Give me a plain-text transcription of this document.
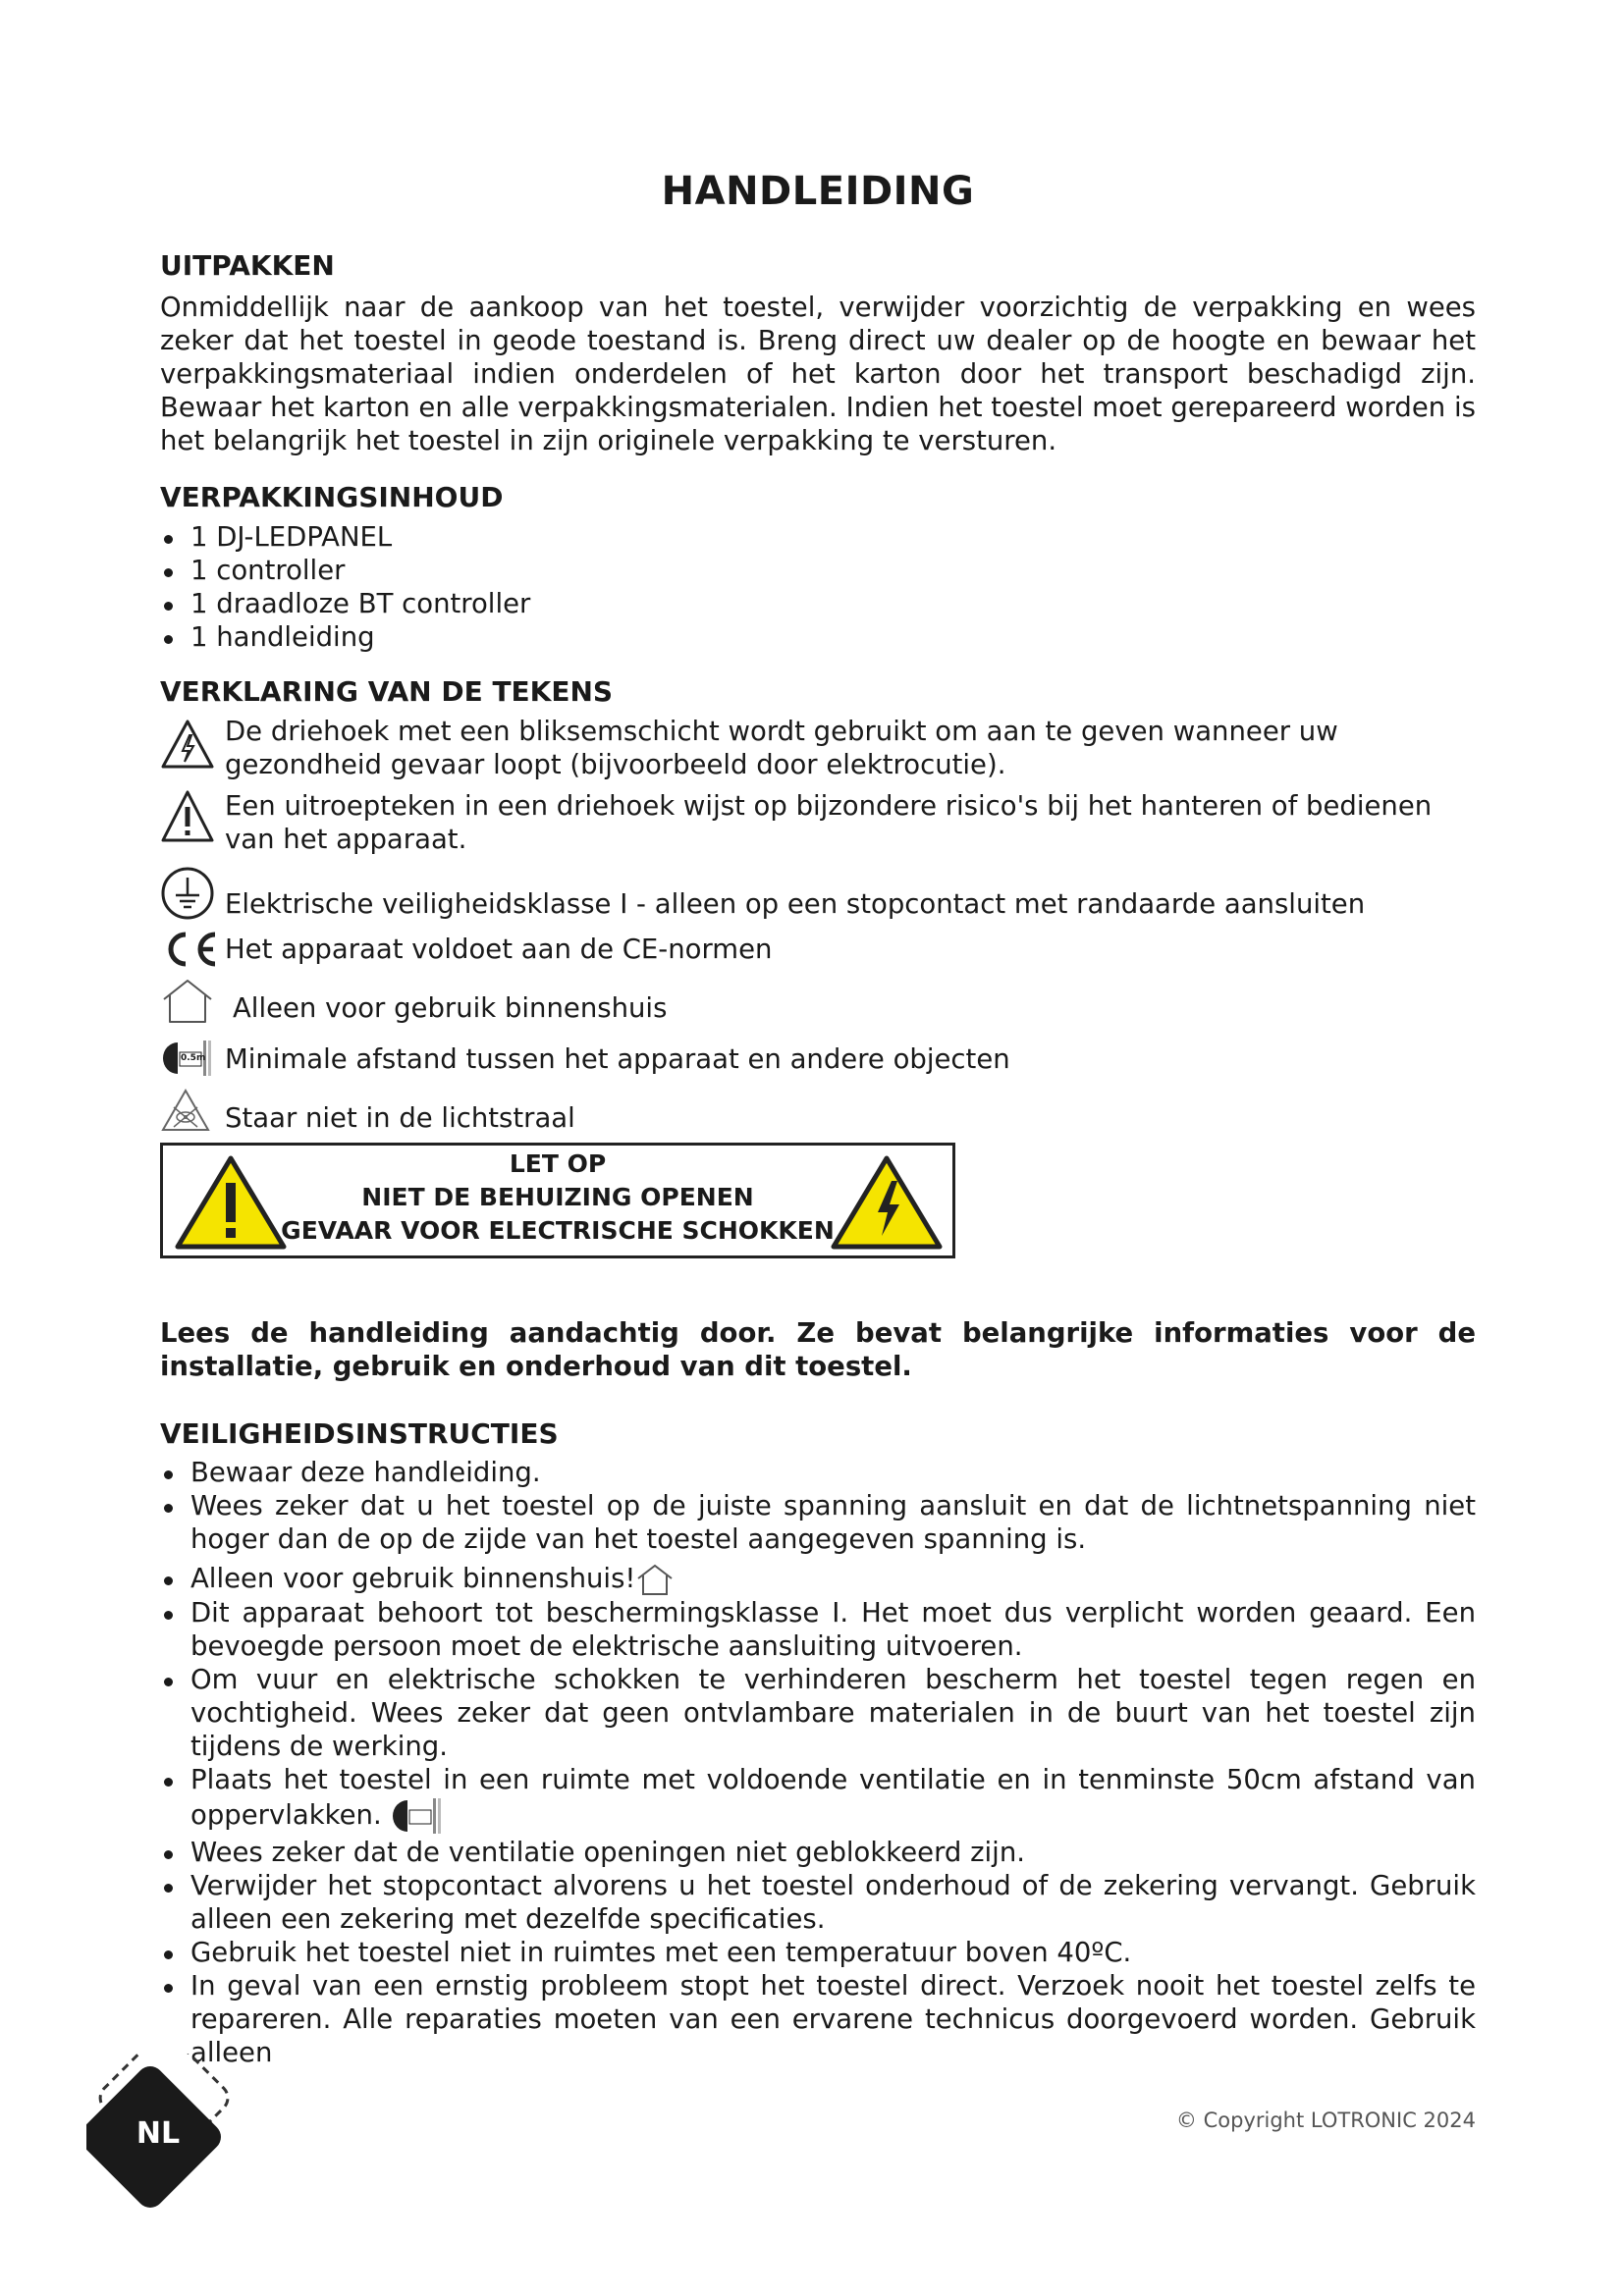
HANDLEIDING
UITPAKKEN

Onmiddellijk naar de aankoop van het toestel, verwijder voorzichtig de verpakking en wees zeker dat het toestel in geode toestand is. Breng direct uw dealer op de hoogte en bewaar het verpakkingsmateriaal indien onderdelen of het karton door het transport beschadigd zijn. Bewaar het karton en alle verpakkingsmaterialen. Indien het toestel moet gerepareerd worden is het belangrijk het toestel in zijn originele verpakking te versturen.

VERPAKKINGSINHOUD
1 DJ-LEDPANEL
1 controller
1 draadloze BT controller
1 handleiding
VERKLARING VAN DE TEKENS
De driehoek met een bliksemschicht wordt gebruikt om aan te geven wanneer uw gezondheid gevaar loopt (bijvoorbeeld door elektrocutie).
Een uitroepteken in een driehoek wijst op bijzondere risico's bij het hanteren of bedienen van het apparaat.
Elektrische veiligheidsklasse I - alleen op een stopcontact met randaarde aansluiten
Het apparaat voldoet aan de CE-normen
Alleen voor gebruik binnenshuis
0.5m Minimale afstand tussen het apparaat en andere objecten
Staar niet in de lichtstraal
LET OP
NIET DE BEHUIZING OPENEN
GEVAAR VOOR ELECTRISCHE SCHOKKEN

Lees de handleiding aandachtig door. Ze bevat belangrijke informaties voor de installatie, gebruik en onderhoud van dit toestel.

VEILIGHEIDSINSTRUCTIES
Bewaar deze handleiding.
Wees zeker dat u het toestel op de juiste spanning aansluit en dat de lichtnetspanning niet hoger dan de op de zijde van het toestel aangegeven spanning is.
Alleen voor gebruik binnenshuis!
Dit apparaat behoort tot beschermingsklasse I. Het moet dus verplicht worden geaard. Een bevoegde persoon moet de elektrische aansluiting uitvoeren.
Om vuur en elektrische schokken te verhinderen bescherm het toestel tegen regen en vochtigheid. Wees zeker dat geen ontvlambare materialen in de buurt van het toestel zijn tijdens de werking.
Plaats het toestel in een ruimte met voldoende ventilatie en in tenminste 50cm afstand van oppervlakken.
Wees zeker dat de ventilatie openingen niet geblokkeerd zijn.
Verwijder het stopcontact alvorens u het toestel onderhoud of de zekering vervangt. Gebruik alleen een zekering met dezelfde specificaties.
Gebruik het toestel niet in ruimtes met een temperatuur boven 40ºC.
In geval van een ernstig probleem stopt het toestel direct. Verzoek nooit het toestel zelfs te repareren. Alle reparaties moeten van een ervarene technicus doorgevoerd worden. Gebruik alleen
NL	© Copyright LOTRONIC 2024
